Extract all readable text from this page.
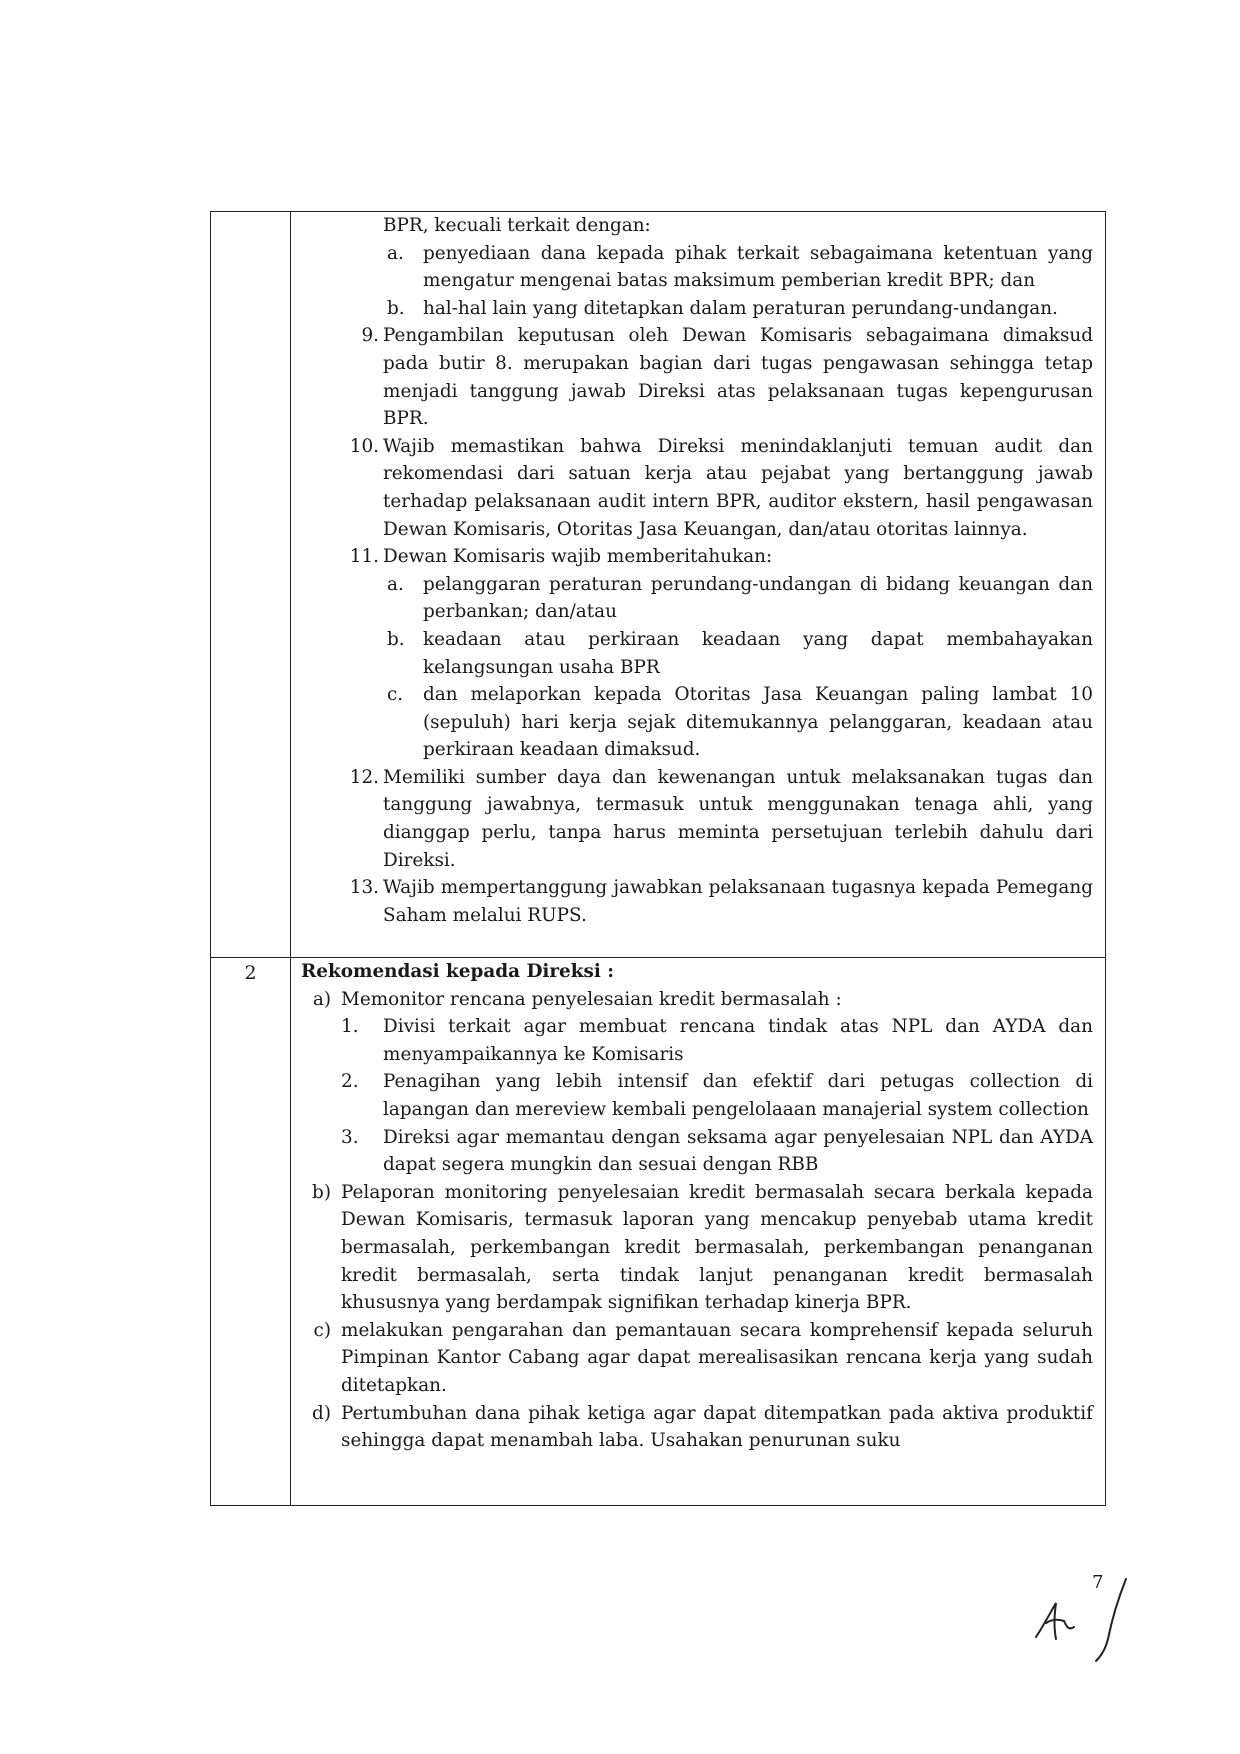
BPR, kecuali terkait dengan:
a.	penyediaan dana kepada pihak terkait sebagaimana ketentuan yang mengatur mengenai batas maksimum pemberian kredit BPR; dan
b. hal-hal lain yang ditetapkan dalam peraturan perundang-undangan.
9. Pengambilan keputusan oleh Dewan Komisaris sebagaimana dimaksud pada butir 8. merupakan bagian dari tugas pengawasan sehingga tetap menjadi tanggung jawab Direksi atas pelaksanaan tugas kepengurusan BPR.
10. Wajib memastikan bahwa Direksi menindaklanjuti temuan audit dan rekomendasi dari satuan kerja atau pejabat yang bertanggung jawab terhadap pelaksanaan audit intern BPR, auditor ekstern, hasil pengawasan Dewan Komisaris, Otoritas Jasa Keuangan, dan/atau otoritas lainnya.
11. Dewan Komisaris wajib memberitahukan:
a.	pelanggaran peraturan perundang-undangan di bidang keuangan dan perbankan; dan/atau
b. keadaan atau perkiraan keadaan yang dapat membahayakan kelangsungan usaha BPR
c.	dan melaporkan kepada Otoritas Jasa Keuangan paling lambat 10 (sepuluh) hari kerja sejak ditemukannya pelanggaran, keadaan atau perkiraan keadaan dimaksud.
12. Memiliki sumber daya dan kewenangan untuk melaksanakan tugas dan tanggung jawabnya, termasuk untuk menggunakan tenaga ahli, yang dianggap perlu, tanpa harus meminta persetujuan terlebih dahulu dari Direksi.
13. Wajib mempertanggung jawabkan pelaksanaan tugasnya kepada Pemegang Saham melalui RUPS.
2	Rekomendasi kepada Direksi :
a) Memonitor rencana penyelesaian kredit bermasalah :
1.	Divisi terkait agar membuat rencana tindak atas NPL dan AYDA dan menyampaikannya ke Komisaris
2.	Penagihan yang lebih intensif dan efektif dari petugas collection di lapangan dan mereview kembali pengelolaaan manajerial system collection
3.	Direksi agar memantau dengan seksama agar penyelesaian NPL dan AYDA dapat segera mungkin dan sesuai dengan RBB
b) Pelaporan monitoring penyelesaian kredit bermasalah secara berkala kepada Dewan Komisaris, termasuk laporan yang mencakup penyebab utama kredit bermasalah, perkembangan kredit bermasalah, perkembangan penanganan kredit bermasalah, serta tindak lanjut penanganan kredit bermasalah khususnya yang berdampak signifikan terhadap kinerja BPR.
c) melakukan pengarahan dan pemantauan secara komprehensif kepada seluruh Pimpinan Kantor Cabang agar dapat merealisasikan rencana kerja yang sudah ditetapkan.
d) Pertumbuhan dana pihak ketiga agar dapat ditempatkan pada aktiva produktif sehingga dapat menambah laba. Usahakan penurunan suku
7
